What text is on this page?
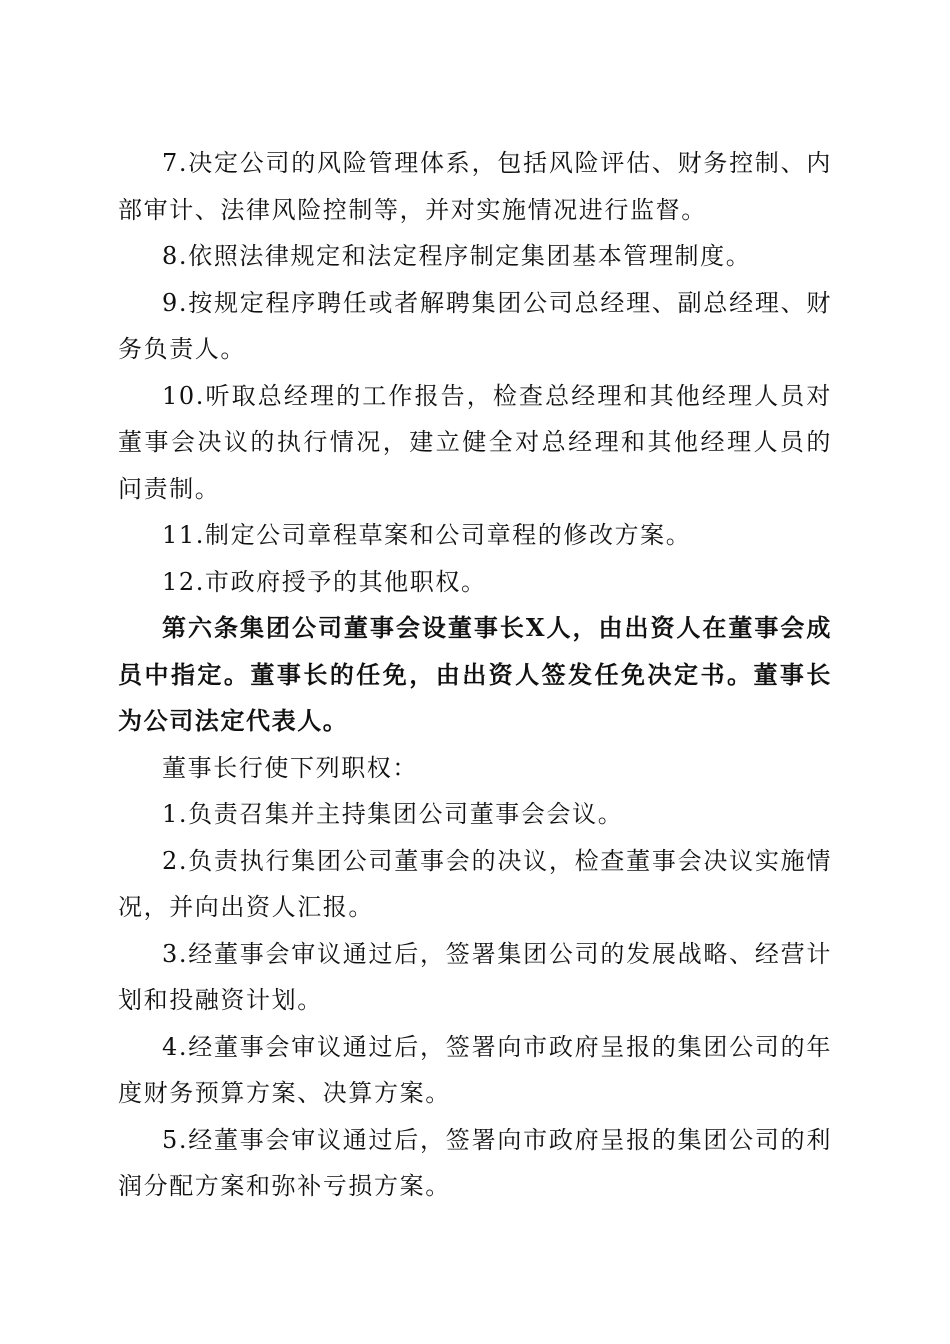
7.决定公司的风险管理体系，包括风险评估、财务控制、内部审计、法律风险控制等，并对实施情况进行监督。

8.依照法律规定和法定程序制定集团基本管理制度。

9.按规定程序聘任或者解聘集团公司总经理、副总经理、财务负责人。

10.听取总经理的工作报告，检查总经理和其他经理人员对董事会决议的执行情况，建立健全对总经理和其他经理人员的问责制。

11.制定公司章程草案和公司章程的修改方案。

12.市政府授予的其他职权。

第六条集团公司董事会设董事长X人，由出资人在董事会成员中指定。董事长的任免，由出资人签发任免决定书。董事长为公司法定代表人。

董事长行使下列职权：

1.负责召集并主持集团公司董事会会议。

2.负责执行集团公司董事会的决议，检查董事会决议实施情况，并向出资人汇报。

3.经董事会审议通过后，签署集团公司的发展战略、经营计划和投融资计划。

4.经董事会审议通过后，签署向市政府呈报的集团公司的年度财务预算方案、决算方案。

5.经董事会审议通过后，签署向市政府呈报的集团公司的利润分配方案和弥补亏损方案。
